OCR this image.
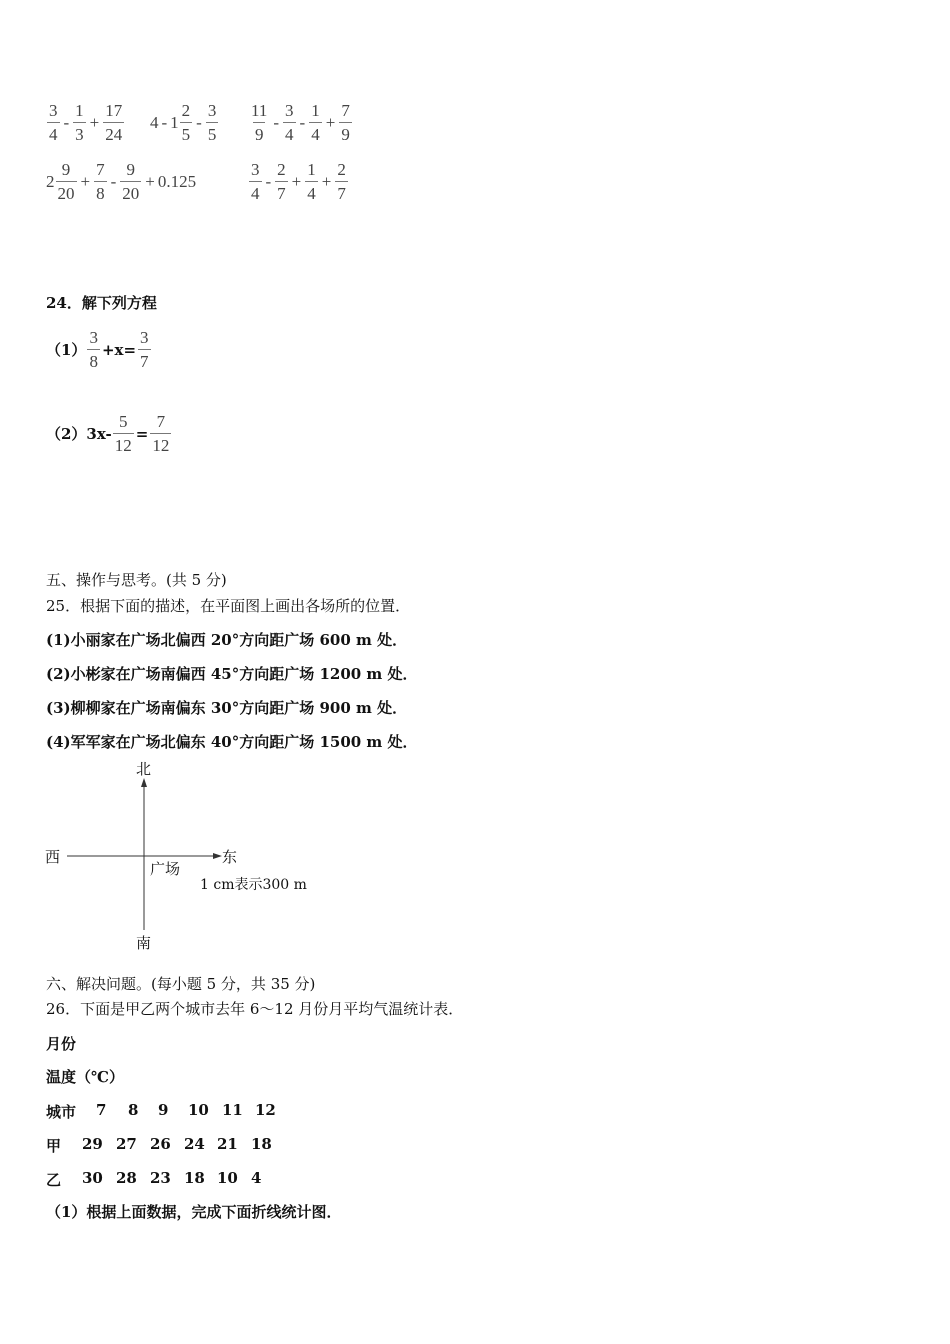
$\frac{3}{4} - \frac{1}{3} + \frac{17}{24} 4 - 1 \frac{2}{5} - \frac{3}{5} \frac{11}{9} - \frac{3}{4} - \frac{1}{4} + \frac{7}{9}$
$2 \frac{9}{20} + \frac{7}{8} - \frac{9}{20} + 0.125$	$\frac{3}{4} - \frac{2}{7} + \frac{1}{4} + \frac{2}{7}$
24．解下列方程
$(1) \frac{3}{8} +x= \frac{3}{7}$
$(2)3x- \frac{5}{12} = \frac{7}{12}$
五、操作与思考。(共 5 分)
25．根据下面的描述，在平面图上画出各场所的位置．
(1)小丽家在广场北偏西 20°方向距广场 600 m 处．
(2)小彬家在广场南偏西 45°方向距广场 1200 m 处．
(3)柳柳家在广场南偏东 30°方向距广场 900 m 处．
(4)军军家在广场北偏东 40°方向距广场 1500 m 处．
北
南
西	东
广场
1 cm表示300 m
六、解决问题。(每小题 5 分，共 35 分)
26．下面是甲乙两个城市去年 6～12 月份月平均气温统计表．
月份
温度（℃）
城市	7	8	9	10 11 12
甲	29 27 26 24 21 18
乙	30 28 23 18 10 4
（1）根据上面数据，完成下面折线统计图．
